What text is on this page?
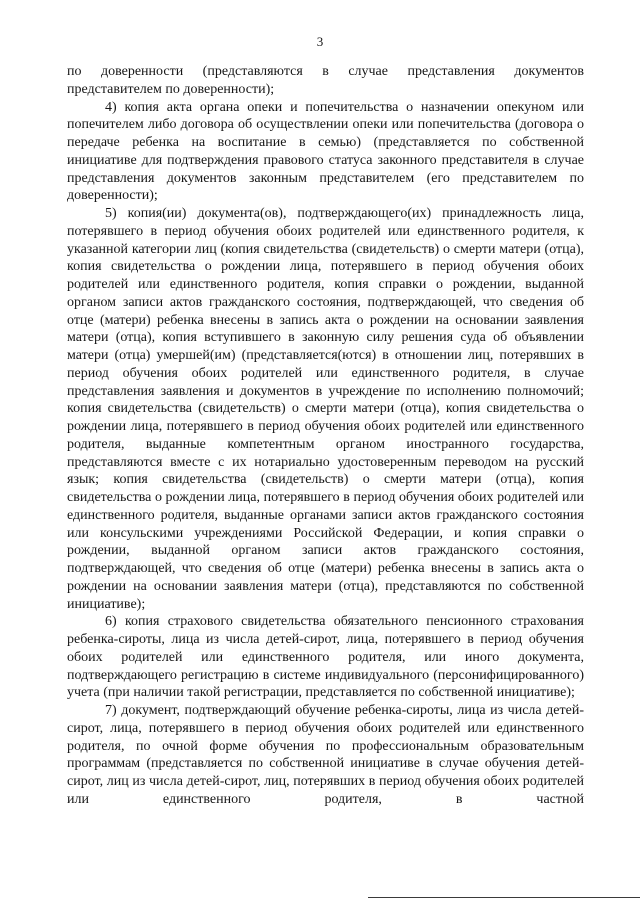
3

по доверенности (представляются в случае представления документов представителем по доверенности);

4) копия акта органа опеки и попечительства о назначении опекуном или попечителем либо договора об осуществлении опеки или попечительства (договора о передаче ребенка на воспитание в семью) (представляется по собственной инициативе для подтверждения правового статуса законного представителя в случае представления документов законным представителем (его представителем по доверенности);

5) копия(ии) документа(ов), подтверждающего(их) принадлежность лица, потерявшего в период обучения обоих родителей или единственного родителя, к указанной категории лиц (копия свидетельства (свидетельств) о смерти матери (отца), копия свидетельства о рождении лица, потерявшего в период обучения обоих родителей или единственного родителя, копия справки о рождении, выданной органом записи актов гражданского состояния, подтверждающей, что сведения об отце (матери) ребенка внесены в запись акта о рождении на основании заявления матери (отца), копия вступившего в законную силу решения суда об объявлении матери (отца) умершей(им) (представляется(ются) в отношении лиц, потерявших в период обучения обоих родителей или единственного родителя, в случае представления заявления и документов в учреждение по исполнению полномочий; копия свидетельства (свидетельств) о смерти матери (отца), копия свидетельства о рождении лица, потерявшего в период обучения обоих родителей или единственного родителя, выданные компетентным органом иностранного государства, представляются вместе с их нотариально удостоверенным переводом на русский язык; копия свидетельства (свидетельств) о смерти матери (отца), копия свидетельства о рождении лица, потерявшего в период обучения обоих родителей или единственного родителя, выданные органами записи актов гражданского состояния или консульскими учреждениями Российской Федерации, и копия справки о рождении, выданной органом записи актов гражданского состояния, подтверждающей, что сведения об отце (матери) ребенка внесены в запись акта о рождении на основании заявления матери (отца), представляются по собственной инициативе);

6) копия страхового свидетельства обязательного пенсионного страхования ребенка-сироты, лица из числа детей-сирот, лица, потерявшего в период обучения обоих родителей или единственного родителя, или иного документа, подтверждающего регистрацию в системе индивидуального (персонифицированного) учета (при наличии такой регистрации, представляется по собственной инициативе);

7) документ, подтверждающий обучение ребенка-сироты, лица из числа детей-сирот, лица, потерявшего в период обучения обоих родителей или единственного родителя, по очной форме обучения по профессиональным образовательным программам (представляется по собственной инициативе в случае обучения детей-сирот, лиц из числа детей-сирот, лиц, потерявших в период обучения обоих родителей или единственного родителя, в частной
